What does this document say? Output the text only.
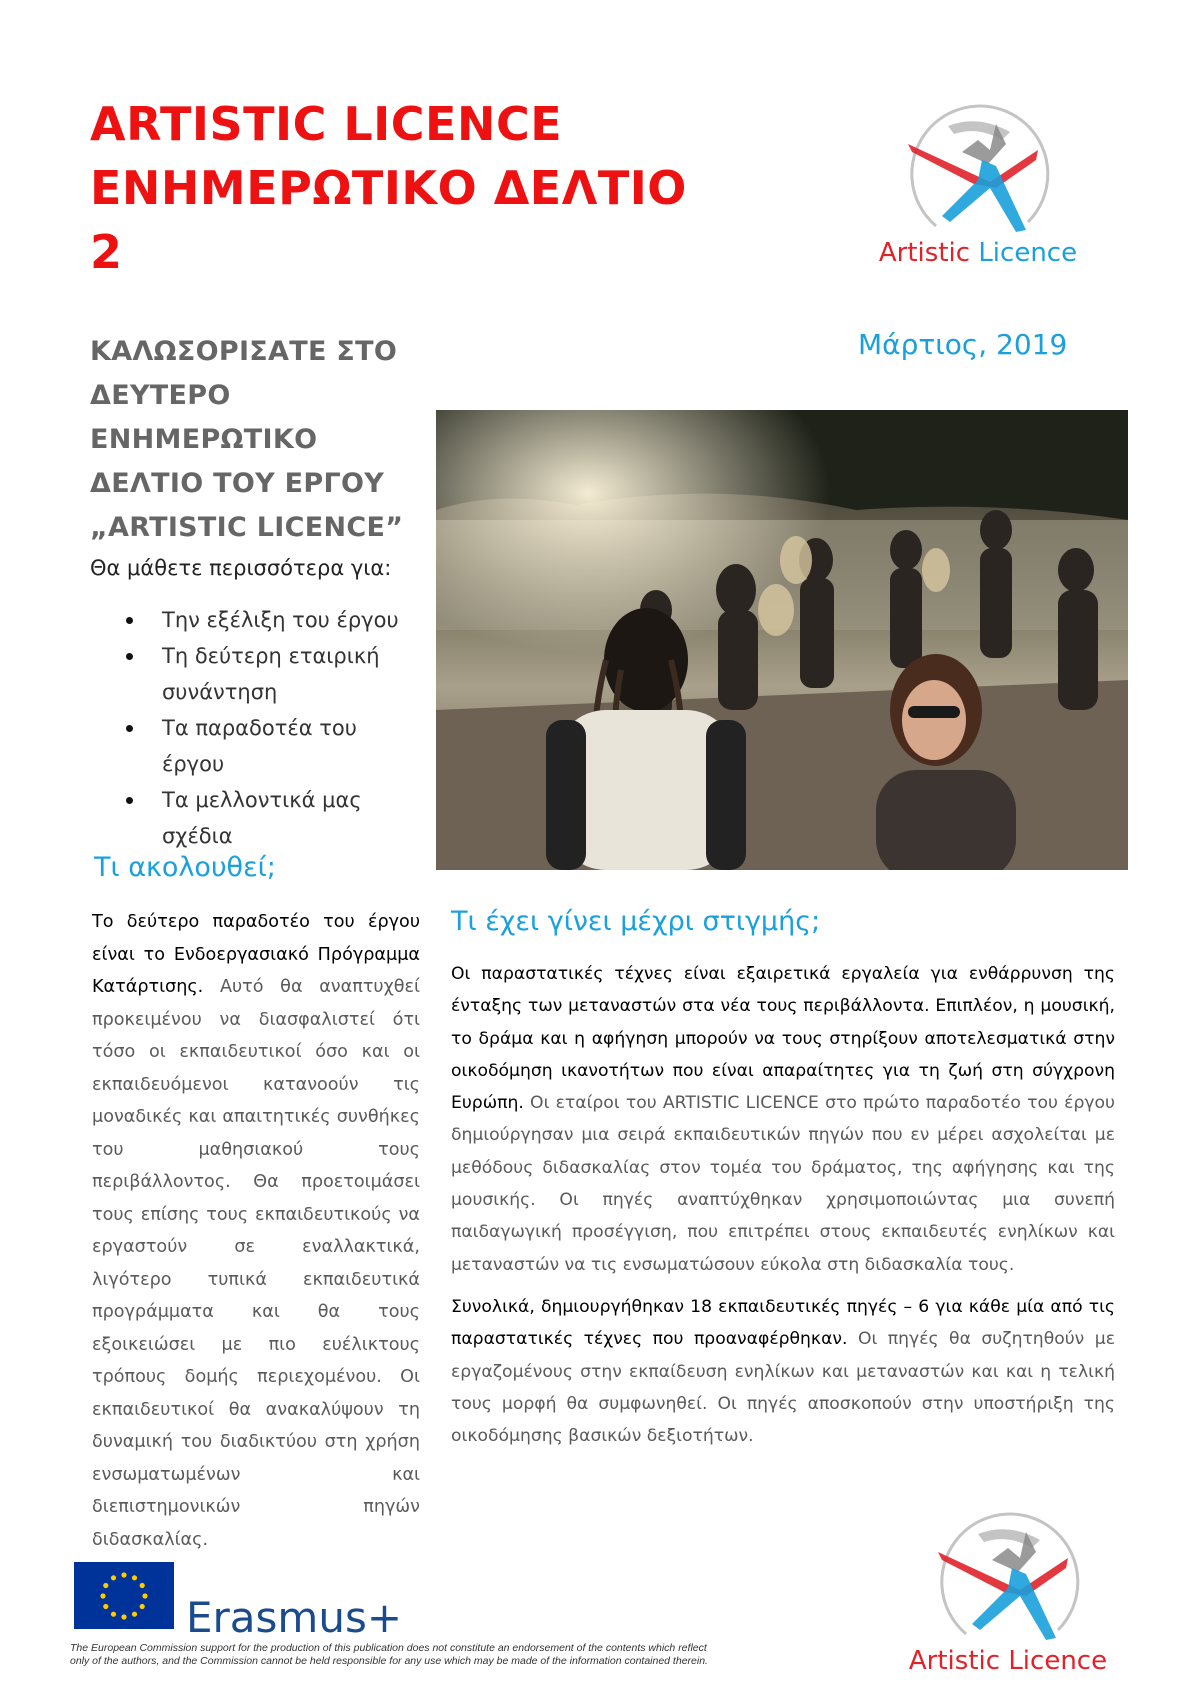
ARTISTIC LICENCE
ΕΝΗΜΕΡΩΤΙΚΟ ΔΕΛΤΙΟ
2	Artistic Licence
Μάρτιος, 2019
ΚΑΛΩΣΟΡΙΣΑΤΕ ΣΤΟ
ΔΕΥΤΕΡΟ
ΕΝΗΜΕΡΩΤΙΚΟ
ΔΕΛΤΙΟ ΤΟΥ ΕΡΓΟΥ
„ARTISTIC LICENCE”
Θα μάθετε περισσότερα για:
Την εξέλιξη του έργου
Τη δεύτερη εταιρική συνάντηση
Τα παραδοτέα του έργου
Τα μελλοντικά μας σχέδια
Τι ακολουθεί;

Το δεύτερο παραδοτέο του έργου είναι το Ενδοεργασιακό Πρόγραμμα Κατάρτισης. Αυτό θα αναπτυχθεί προκειμένου να διασφαλιστεί ότι τόσο οι εκπαιδευτικοί όσο και οι εκπαιδευόμενοι κατανοούν τις μοναδικές και απαιτητικές συνθήκες του μαθησιακού τους περιβάλλοντος. Θα προετοιμάσει τους επίσης τους εκπαιδευτικούς να εργαστούν σε εναλλακτικά, λιγότερο τυπικά εκπαιδευτικά προγράμματα και θα τους εξοικειώσει με πιο ευέλικτους τρόπους δομής περιεχομένου. Οι εκπαιδευτικοί θα ανακαλύψουν τη δυναμική του διαδικτύου στη χρήση ενσωματωμένων και διεπιστημονικών πηγών διδασκαλίας.

Τι έχει γίνει μέχρι στιγμής;

Οι παραστατικές τέχνες είναι εξαιρετικά εργαλεία για ενθάρρυνση της ένταξης των μεταναστών στα νέα τους περιβάλλοντα. Επιπλέον, η μουσική, το δράμα και η αφήγηση μπορούν να τους στηρίξουν αποτελεσματικά στην οικοδόμηση ικανοτήτων που είναι απαραίτητες για τη ζωή στη σύγχρονη Ευρώπη. Οι εταίροι του ARTISTIC LICENCE στο πρώτο παραδοτέο του έργου δημιούργησαν μια σειρά εκπαιδευτικών πηγών που εν μέρει ασχολείται με μεθόδους διδασκαλίας στον τομέα του δράματος, της αφήγησης και της μουσικής. Οι πηγές αναπτύχθηκαν χρησιμοποιώντας μια συνεπή παιδαγωγική προσέγγιση, που επιτρέπει στους εκπαιδευτές ενηλίκων και μεταναστών να τις ενσωματώσουν εύκολα στη διδασκαλία τους.

Συνολικά, δημιουργήθηκαν 18 εκπαιδευτικές πηγές – 6 για κάθε μία από τις παραστατικές τέχνες που προαναφέρθηκαν. Οι πηγές θα συζητηθούν με εργαζομένους στην εκπαίδευση ενηλίκων και μεταναστών και και η τελική τους μορφή θα συμφωνηθεί. Οι πηγές αποσκοπούν στην υποστήριξη της οικοδόμησης βασικών δεξιοτήτων.

Erasmus+
The European Commission support for the production of this publication does not constitute an endorsement of the contents which reflect
only of the authors, and the Commission cannot be held responsible for any use which may be made of the information contained therein.	Artistic Licence
